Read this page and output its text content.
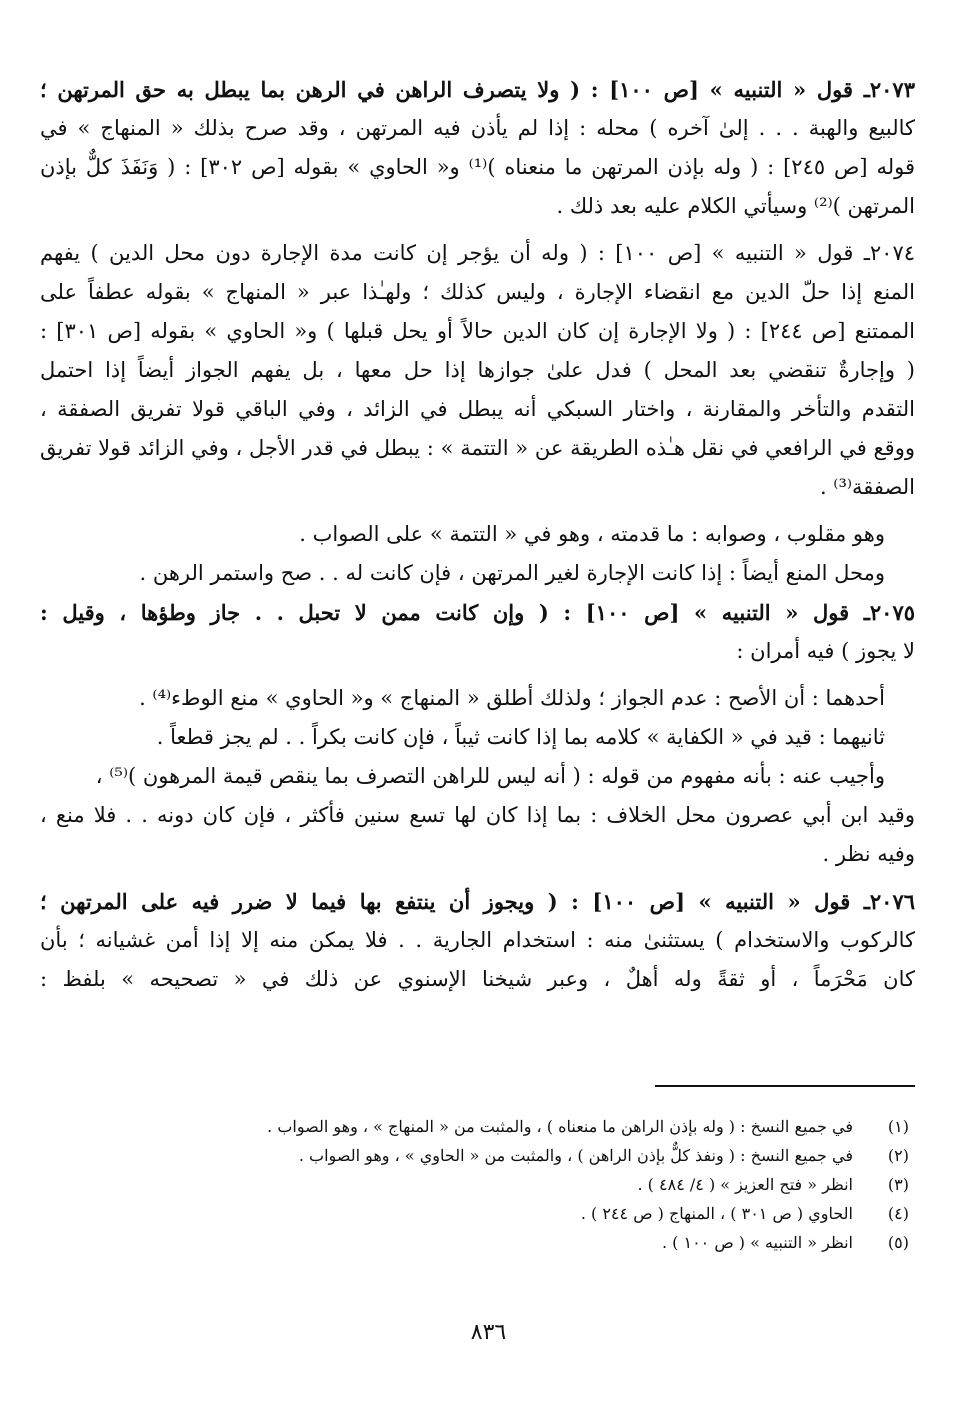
٢٠٧٣ـ قول « التنبيه » [ص ١٠٠] : ( ولا يتصرف الراهن في الرهن بما يبطل به حق المرتهن ؛
كالبيع والهبة . . . إلىٰ آخره ) محله : إذا لم يأذن فيه المرتهن ، وقد صرح بذلك « المنهاج » في
قوله [ص ٢٤٥] : ( وله بإذن المرتهن ما منعناه )⁽¹⁾ و« الحاوي » بقوله [ص ٣٠٢] : ( وَنَفَذَ كلٌّ بإذن
المرتهن )⁽²⁾ وسيأتي الكلام عليه بعد ذلك .
٢٠٧٤ـ قول « التنبيه » [ص ١٠٠] : ( وله أن يؤجر إن كانت مدة الإجارة دون محل الدين ) يفهم
المنع إذا حلّ الدين مع انقضاء الإجارة ، وليس كذلك ؛ ولهـٰذا عبر « المنهاج » بقوله عطفاً على
الممتنع [ص ٢٤٤] : ( ولا الإجارة إن كان الدين حالاً أو يحل قبلها ) و« الحاوي » بقوله [ص ٣٠١] :
( وإجارةٌ تنقضي بعد المحل ) فدل علىٰ جوازها إذا حل معها ، بل يفهم الجواز أيضاً إذا احتمل
التقدم والتأخر والمقارنة ، واختار السبكي أنه يبطل في الزائد ، وفي الباقي قولا تفريق الصفقة ،
ووقع في الرافعي في نقل هـٰذه الطريقة عن « التتمة » : يبطل في قدر الأجل ، وفي الزائد قولا تفريق
الصفقة⁽³⁾ .
وهو مقلوب ، وصوابه : ما قدمته ، وهو في « التتمة » على الصواب .
ومحل المنع أيضاً : إذا كانت الإجارة لغير المرتهن ، فإن كانت له . . صح واستمر الرهن .
٢٠٧٥ـ قول « التنبيه » [ص ١٠٠] : ( وإن كانت ممن لا تحبل . . جاز وطؤها ، وقيل :
لا يجوز ) فيه أمران :
أحدهما : أن الأصح : عدم الجواز ؛ ولذلك أطلق « المنهاج » و« الحاوي » منع الوطء⁽⁴⁾ .
ثانيهما : قيد في « الكفاية » كلامه بما إذا كانت ثيباً ، فإن كانت بكراً . . لم يجز قطعاً .
وأجيب عنه : بأنه مفهوم من قوله : ( أنه ليس للراهن التصرف بما ينقص قيمة المرهون )⁽⁵⁾ ،
وقيد ابن أبي عصرون محل الخلاف : بما إذا كان لها تسع سنين فأكثر ، فإن كان دونه . . فلا منع ،
وفيه نظر .
٢٠٧٦ـ قول « التنبيه » [ص ١٠٠] : ( ويجوز أن ينتفع بها فيما لا ضرر فيه على المرتهن ؛
كالركوب والاستخدام ) يستثنىٰ منه : استخدام الجارية . . فلا يمكن منه إلا إذا أمن غشيانه ؛ بأن
كان مَحْرَماً ، أو ثقةً وله أهلٌ ، وعبر شيخنا الإسنوي عن ذلك في « تصحيحه » بلفظ :
(١)في جميع النسخ : ( وله بإذن الراهن ما منعناه ) ، والمثبت من « المنهاج » ، وهو الصواب .
(٢)في جميع النسخ : ( ونفذ كلٌّ بإذن الراهن ) ، والمثبت من « الحاوي » ، وهو الصواب .
(٣)انظر « فتح العزيز » ( ٤/ ٤٨٤ ) .
(٤)الحاوي ( ص ٣٠١ ) ، المنهاج ( ص ٢٤٤ ) .
(٥)انظر « التنبيه » ( ص ١٠٠ ) .
٨٣٦
